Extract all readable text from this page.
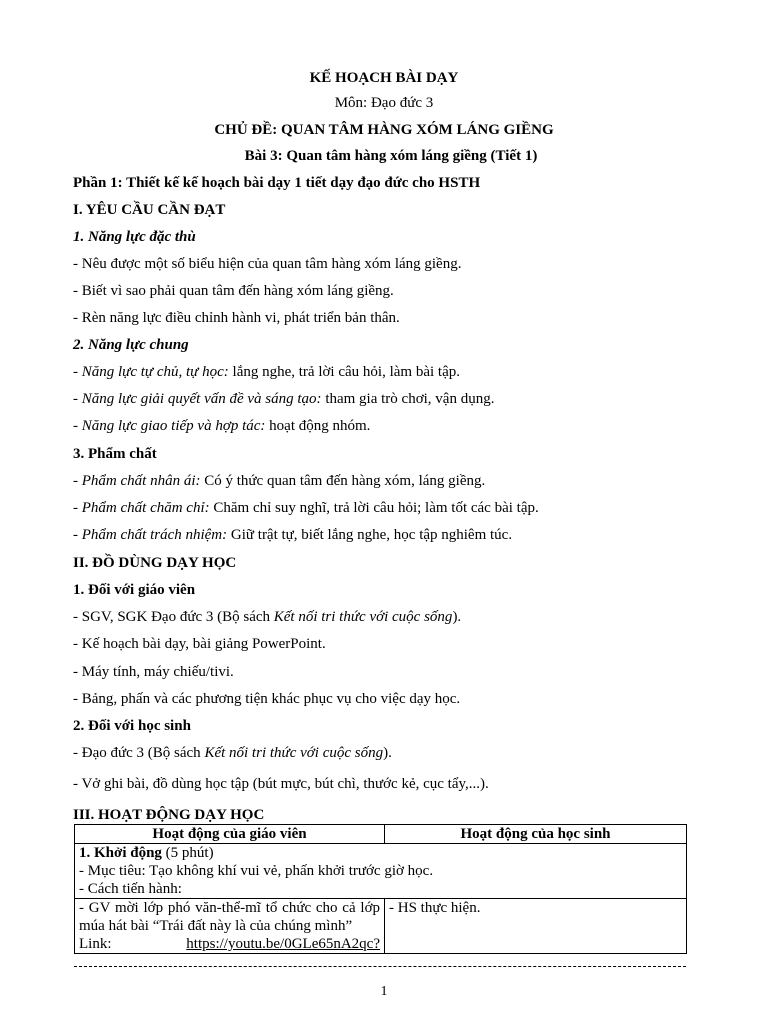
KẾ HOẠCH BÀI DẠY
Môn: Đạo đức 3
CHỦ ĐỀ: QUAN TÂM HÀNG XÓM LÁNG GIỀNG
Bài 3: Quan tâm hàng xóm láng giềng (Tiết 1)
Phần 1: Thiết kế kế hoạch bài dạy 1 tiết dạy đạo đức cho HSTH
I. YÊU CẦU CẦN ĐẠT
1. Năng lực đặc thù
- Nêu được một số biểu hiện của quan tâm hàng xóm láng giềng.
- Biết vì sao phải quan tâm đến hàng xóm láng giềng.
- Rèn năng lực điều chỉnh hành vi, phát triển bản thân.
2. Năng lực chung
- Năng lực tự chủ, tự học: lắng nghe, trả lời câu hỏi, làm bài tập.
- Năng lực giải quyết vấn đề và sáng tạo: tham gia trò chơi, vận dụng.
- Năng lực giao tiếp và hợp tác: hoạt động nhóm.
3. Phẩm chất
- Phẩm chất nhân ái: Có ý thức quan tâm đến hàng xóm, láng giềng.
- Phẩm chất chăm chỉ: Chăm chỉ suy nghĩ, trả lời câu hỏi; làm tốt các bài tập.
- Phẩm chất trách nhiệm: Giữ trật tự, biết lắng nghe, học tập nghiêm túc.
II. ĐỒ DÙNG DẠY HỌC
1. Đối với giáo viên
- SGV, SGK Đạo đức 3 (Bộ sách Kết nối tri thức với cuộc sống).
- Kế hoạch bài dạy, bài giảng PowerPoint.
- Máy tính, máy chiếu/tivi.
- Bảng, phấn và các phương tiện khác phục vụ cho việc dạy học.
2. Đối với học sinh
- Đạo đức 3 (Bộ sách Kết nối tri thức với cuộc sống).
- Vở ghi bài, đồ dùng học tập (bút mực, bút chì, thước kẻ, cục tẩy,...).
III. HOẠT ĐỘNG DẠY HỌC
Hoạt động của giáo viên	Hoạt động của học sinh

1. Khởi động (5 phút)
- Mục tiêu: Tạo không khí vui vẻ, phấn khởi trước giờ học.
- Cách tiến hành:	

- GV mời lớp phó văn-thể-mĩ tổ chức cho cả lớp múa hát bài “Trái đất này là của chúng mình”
Link: https://youtu.be/0GLe65nA2qc?	- HS thực hiện.
1
